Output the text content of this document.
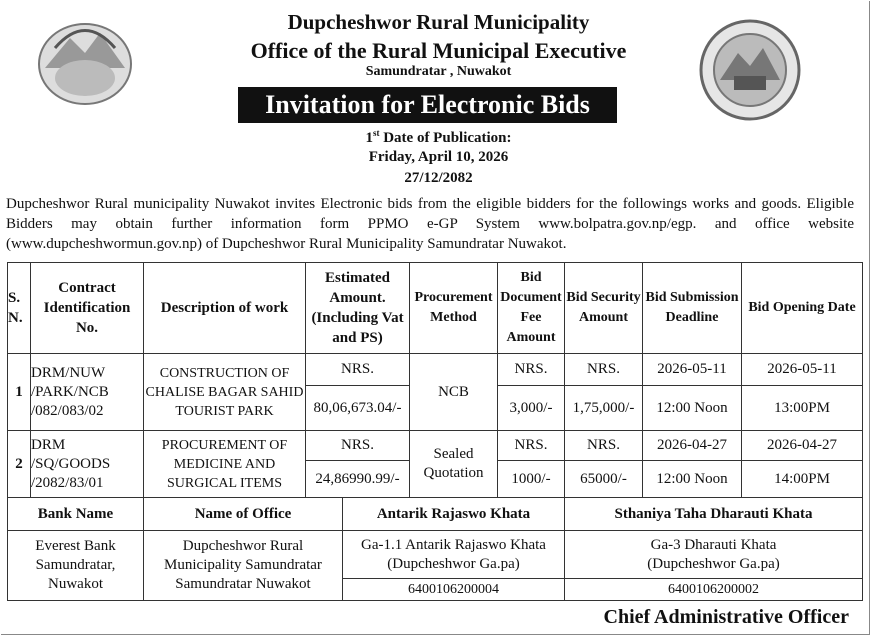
Dupcheshwor Rural Municipality
Office of the Rural Municipal Executive
Samundratar , Nuwakot
Invitation for Electronic Bids
1st Date of Publication:
Friday, April 10, 2026
27/12/2082
Dupcheshwor Rural municipality Nuwakot invites Electronic bids from the eligible bidders for the followings works and goods. Eligible Bidders may obtain further information form PPMO e-GP System www.bolpatra.gov.np/egp. and office website (www.dupcheshwormun.gov.np) of Dupcheshwor Rural Municipality Samundratar Nuwakot.
S. N.	Contract Identification No.	Description of work	Estimated Amount. (Including Vat and PS)	Procurement Method	Bid Document Fee Amount	Bid Security Amount	Bid Submission Deadline	Bid Opening Date
1	DRM/NUW /PARK/NCB /082/083/02	CONSTRUCTION OF CHALISE BAGAR SAHID TOURIST PARK	NRS.	NCB	NRS.	NRS.	2026-05-11	2026-05-11
			80,06,673.04/-		3,000/-	1,75,000/-	12:00 Noon	13:00PM
2	DRM /SQ/GOODS /2082/83/01	PROCUREMENT OF MEDICINE AND SURGICAL ITEMS	NRS.	Sealed Quotation	NRS.	NRS.	2026-04-27	2026-04-27
			24,86990.99/-		1000/-	65000/-	12:00 Noon	14:00PM
Bank Name	Name of Office	Antarik Rajaswo Khata	Sthaniya Taha Dharauti Khata
Everest Bank Samundratar, Nuwakot	Dupcheshwor Rural Municipality Samundratar Samundratar Nuwakot	Ga-1.1 Antarik Rajaswo Khata (Dupcheshwor Ga.pa)	Ga-3 Dharauti Khata (Dupcheshwor Ga.pa)
		6400106200004	6400106200002
Chief Administrative Officer
